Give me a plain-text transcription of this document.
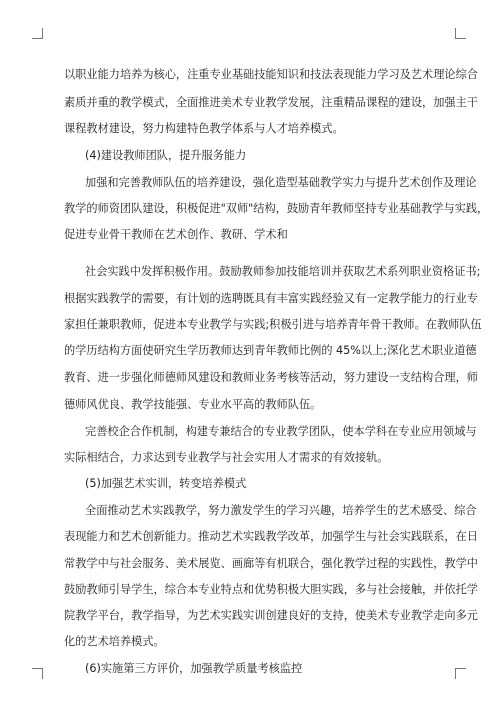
以职业能力培养为核心，注重专业基础技能知识和技法表现能力学习及艺术理论综合
素质并重的教学模式，全面推进美术专业教学发展，注重精品课程的建设，加强主干
课程教材建设，努力构建特色教学体系与人才培养模式。
(4)建设教师团队，提升服务能力
加强和完善教师队伍的培养建设，强化造型基础教学实力与提升艺术创作及理论
教学的师资团队建设，积极促进"双师"结构，鼓励青年教师坚持专业基础教学与实践，
促进专业骨干教师在艺术创作、教研、学术和
社会实践中发挥积极作用。鼓励教师参加技能培训并获取艺术系列职业资格证书;
根据实践教学的需要，有计划的选聘既具有丰富实践经验又有一定教学能力的行业专
家担任兼职教师，促进本专业教学与实践;积极引进与培养青年骨干教师。在教师队伍
的学历结构方面使研究生学历教师达到青年教师比例的 45%以上;深化艺术职业道德
教育、进一步强化师德师风建设和教师业务考核等活动，努力建设一支结构合理，师
德师风优良、教学技能强、专业水平高的教师队伍。
完善校企合作机制，构建专兼结合的专业教学团队，使本学科在专业应用领域与
实际相结合，力求达到专业教学与社会实用人才需求的有效接轨。
(5)加强艺术实训，转变培养模式
全面推动艺术实践教学，努力激发学生的学习兴趣，培养学生的艺术感受、综合
表现能力和艺术创新能力。推动艺术实践教学改革，加强学生与社会实践联系，在日
常教学中与社会服务、美术展览、画廊等有机联合，强化教学过程的实践性，教学中
鼓励教师引导学生，综合本专业特点和优势积极大胆实践，多与社会接触，并依托学
院教学平台，教学指导，为艺术实践实训创建良好的支持，使美术专业教学走向多元
化的艺术培养模式。
(6)实施第三方评价，加强教学质量考核监控
